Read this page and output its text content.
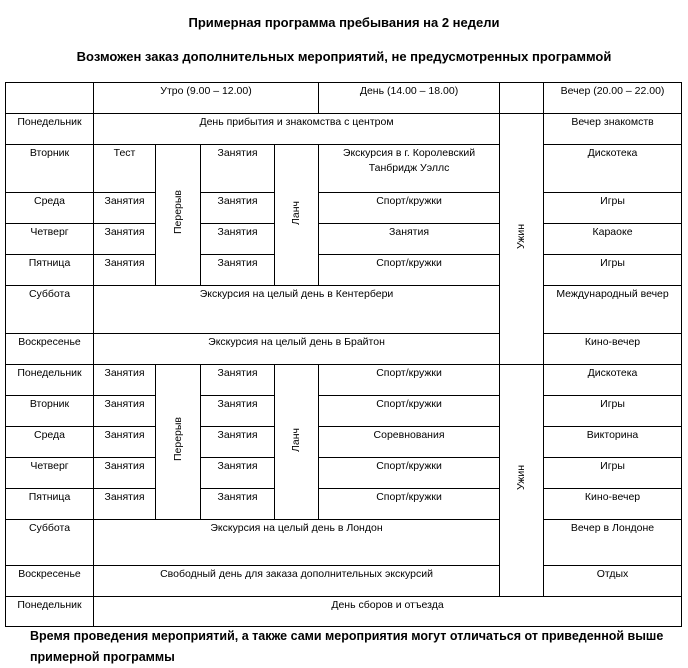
Примерная программа пребывания на 2 недели
Возможен заказ дополнительных мероприятий, не предусмотренных программой
	Утро (9.00 – 12.00)				День (14.00 – 18.00)		Вечер (20.00 – 22.00)
Понедельник	День прибытия и знакомства с центром					Ужин	Вечер знакомств
Вторник	Тест	Перерыв	Занятия	Ланч	Экскурсия в г. Королевский Танбридж Уэллс		Дискотека
Среда	Занятия		Занятия		Спорт/кружки		Игры
Четверг	Занятия		Занятия		Занятия		Караоке
Пятница	Занятия		Занятия		Спорт/кружки		Игры
Суббота	Экскурсия на целый день в Кентербери						Международный вечер
Воскресенье	Экскурсия на целый день в Брайтон						Кино-вечер
Понедельник	Занятия	Перерыв	Занятия	Ланч	Спорт/кружки	Ужин	Дискотека
Вторник	Занятия		Занятия		Спорт/кружки		Игры
Среда	Занятия		Занятия		Соревнования		Викторина
Четверг	Занятия		Занятия		Спорт/кружки		Игры
Пятница	Занятия		Занятия		Спорт/кружки		Кино-вечер
Суббота	Экскурсия на целый день в Лондон						Вечер в Лондоне
Воскресенье	Свободный день для заказа дополнительных экскурсий						Отдых
Понедельник	День сборов и отъезда						
Время проведения мероприятий, а также сами мероприятия могут отличаться от приведенной выше примерной программы
